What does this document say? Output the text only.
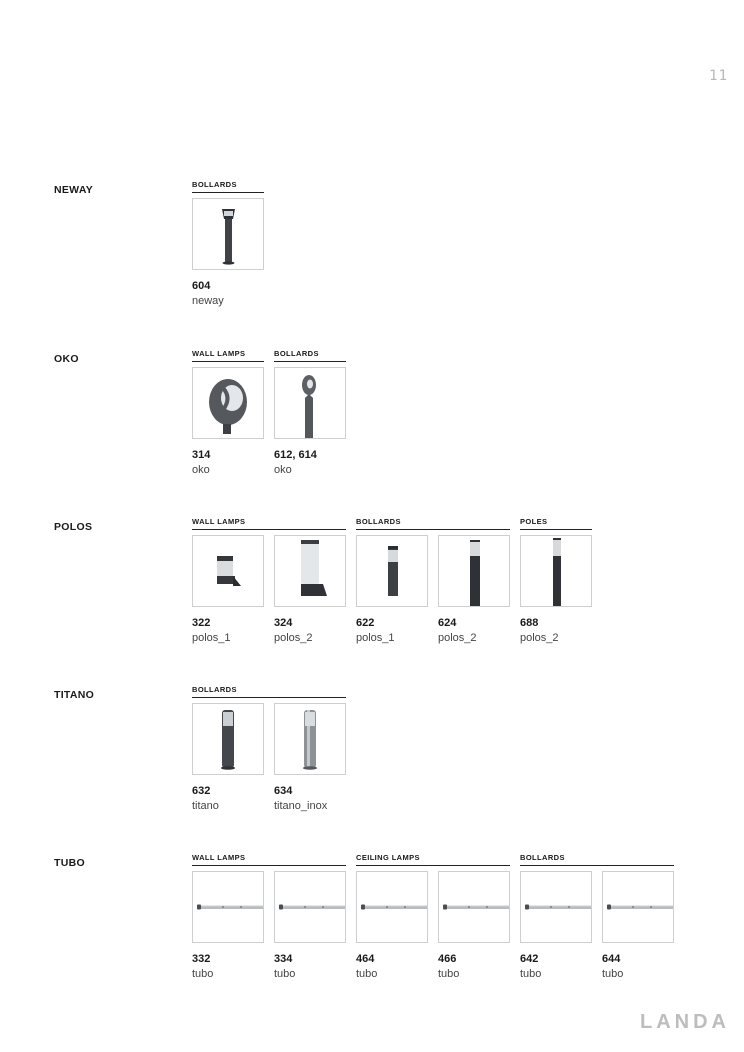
11
NEWAY	BOLLARDS
604
neway
OKO	WALL LAMPS
314
oko
BOLLARDS
612, 614
oko
POLOS	WALL LAMPS
322
polos_1
324
polos_2
BOLLARDS
622
polos_1
624
polos_2
POLES
688
polos_2
TITANO	BOLLARDS
632
titano
634
titano_inox
TUBO	WALL LAMPS
332
tubo
334
tubo
CEILING LAMPS
464
tubo
466
tubo
BOLLARDS
642
tubo
644
tubo
LANDA
